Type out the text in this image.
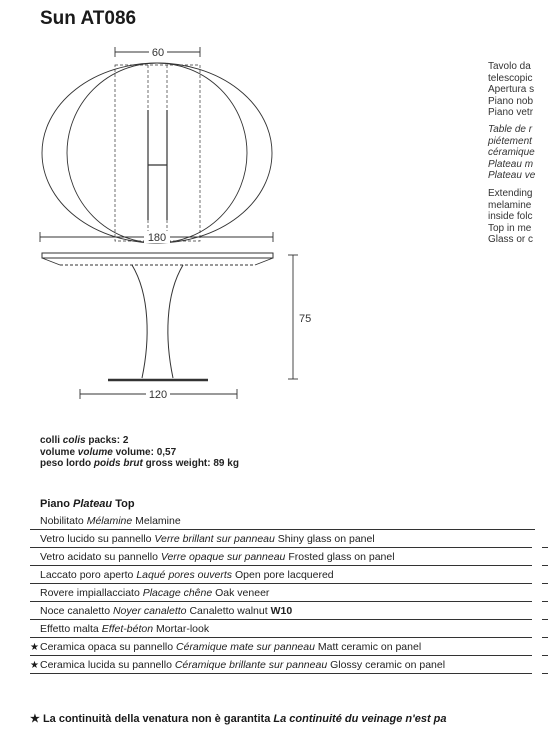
Sun AT086
60
180
75
120
Tavolo da
telescopic
Apertura s
Piano nob
Piano vetr
Table de r
piétement
céramique
Plateau m
Plateau ve
Extending
melamine
inside folc
Top in me
Glass or c
colli colis packs: 2
volume volume volume: 0,57
peso lordo poids brut gross weight: 89 kg
Piano Plateau Top
Nobilitato Mélamine Melamine
Vetro lucido su pannello Verre brillant sur panneau Shiny glass on panel
Vetro acidato su pannello Verre opaque sur panneau Frosted glass on panel
Laccato poro aperto Laqué pores ouverts Open pore lacquered
Rovere impiallacciato Placage chêne Oak veneer
Noce canaletto Noyer canaletto Canaletto walnut W10
Effetto malta Effet-béton Mortar-look
★ Ceramica opaca su pannello Céramique mate sur panneau Matt ceramic on panel
★ Ceramica lucida su pannello Céramique brillante sur panneau Glossy ceramic on panel
★ La continuità della venatura non è garantita La continuité du veinage n'est pa
